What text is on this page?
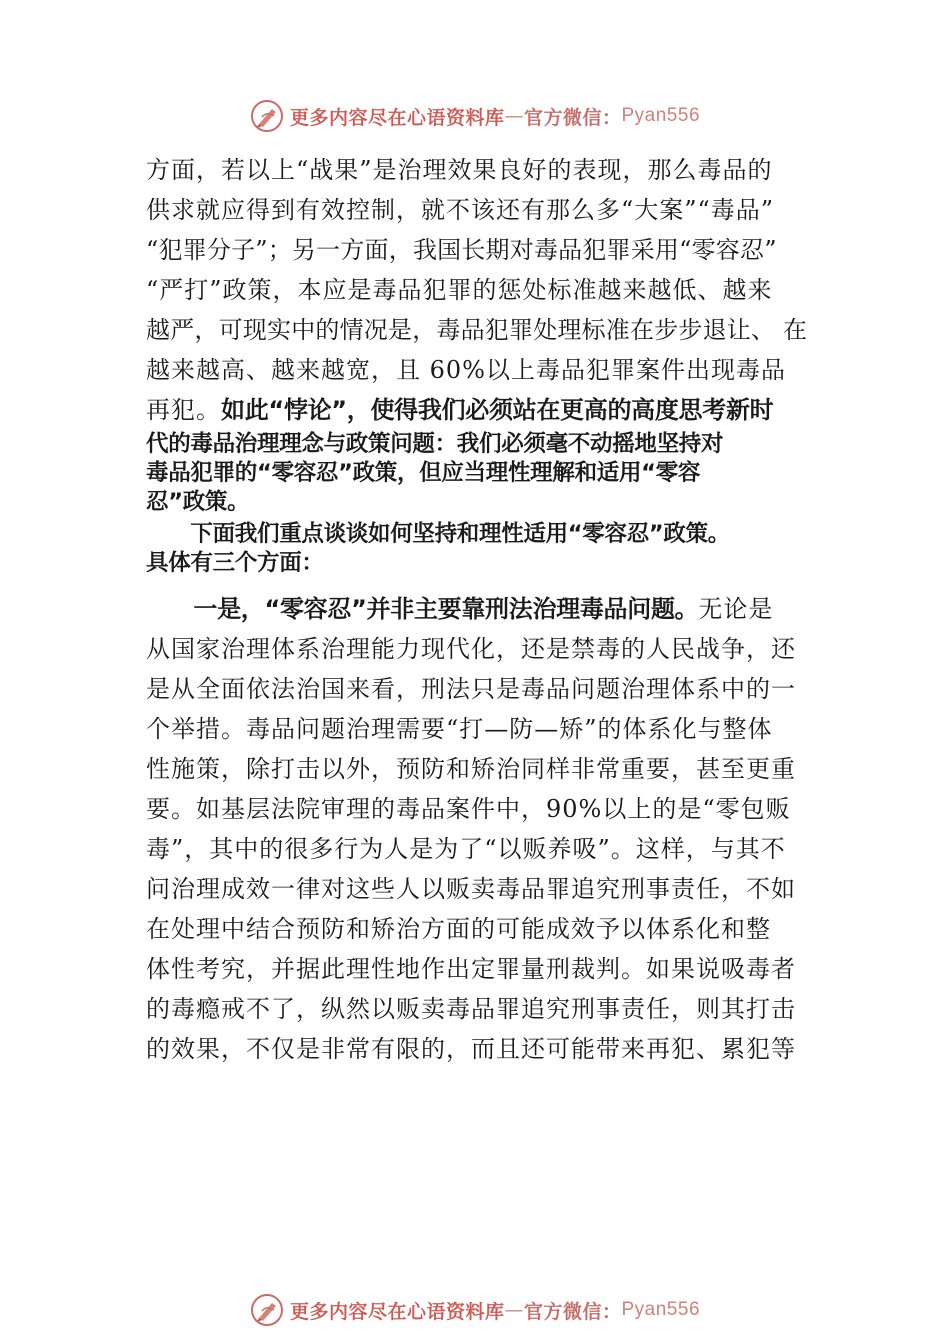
更多内容尽在心语资料库 — 官方微信： Pyan556
方面，若以上“战果”是治理效果良好的表现，那么毒品的
供求就应得到有效控制，就不该还有那么多“大案”“毒品”
“犯罪分子”；另一方面，我国长期对毒品犯罪采用“零容忍”
“严打”政策，本应是毒品犯罪的惩处标准越来越低、越来
越严，可现实中的情况是，毒品犯罪处理标准在步步退让、 在
越来越高、越来越宽，且 60%以上毒品犯罪案件出现毒品
再犯。如此“悖论”，使得我们必须站在更高的高度思考新时
代的毒品治理理念与政策问题：我们必须毫不动摇地坚持对
毒品犯罪的“零容忍”政策，但应当理性理解和适用“零容
忍”政策。
　　下面我们重点谈谈如何坚持和理性适用“零容忍”政策。
具体有三个方面：
　　一是，“零容忍”并非主要靠刑法治理毒品问题。无论是
从国家治理体系治理能力现代化，还是禁毒的人民战争，还
是从全面依法治国来看，刑法只是毒品问题治理体系中的一
个举措。毒品问题治理需要“打—防—矫”的体系化与整体
性施策，除打击以外，预防和矫治同样非常重要，甚至更重
要。如基层法院审理的毒品案件中，90%以上的是“零包贩
毒”，其中的很多行为人是为了“以贩养吸”。这样，与其不
问治理成效一律对这些人以贩卖毒品罪追究刑事责任，不如
在处理中结合预防和矫治方面的可能成效予以体系化和整
体性考究，并据此理性地作出定罪量刑裁判。如果说吸毒者
的毒瘾戒不了，纵然以贩卖毒品罪追究刑事责任，则其打击
的效果，不仅是非常有限的，而且还可能带来再犯、累犯等
更多内容尽在心语资料库 — 官方微信： Pyan556
